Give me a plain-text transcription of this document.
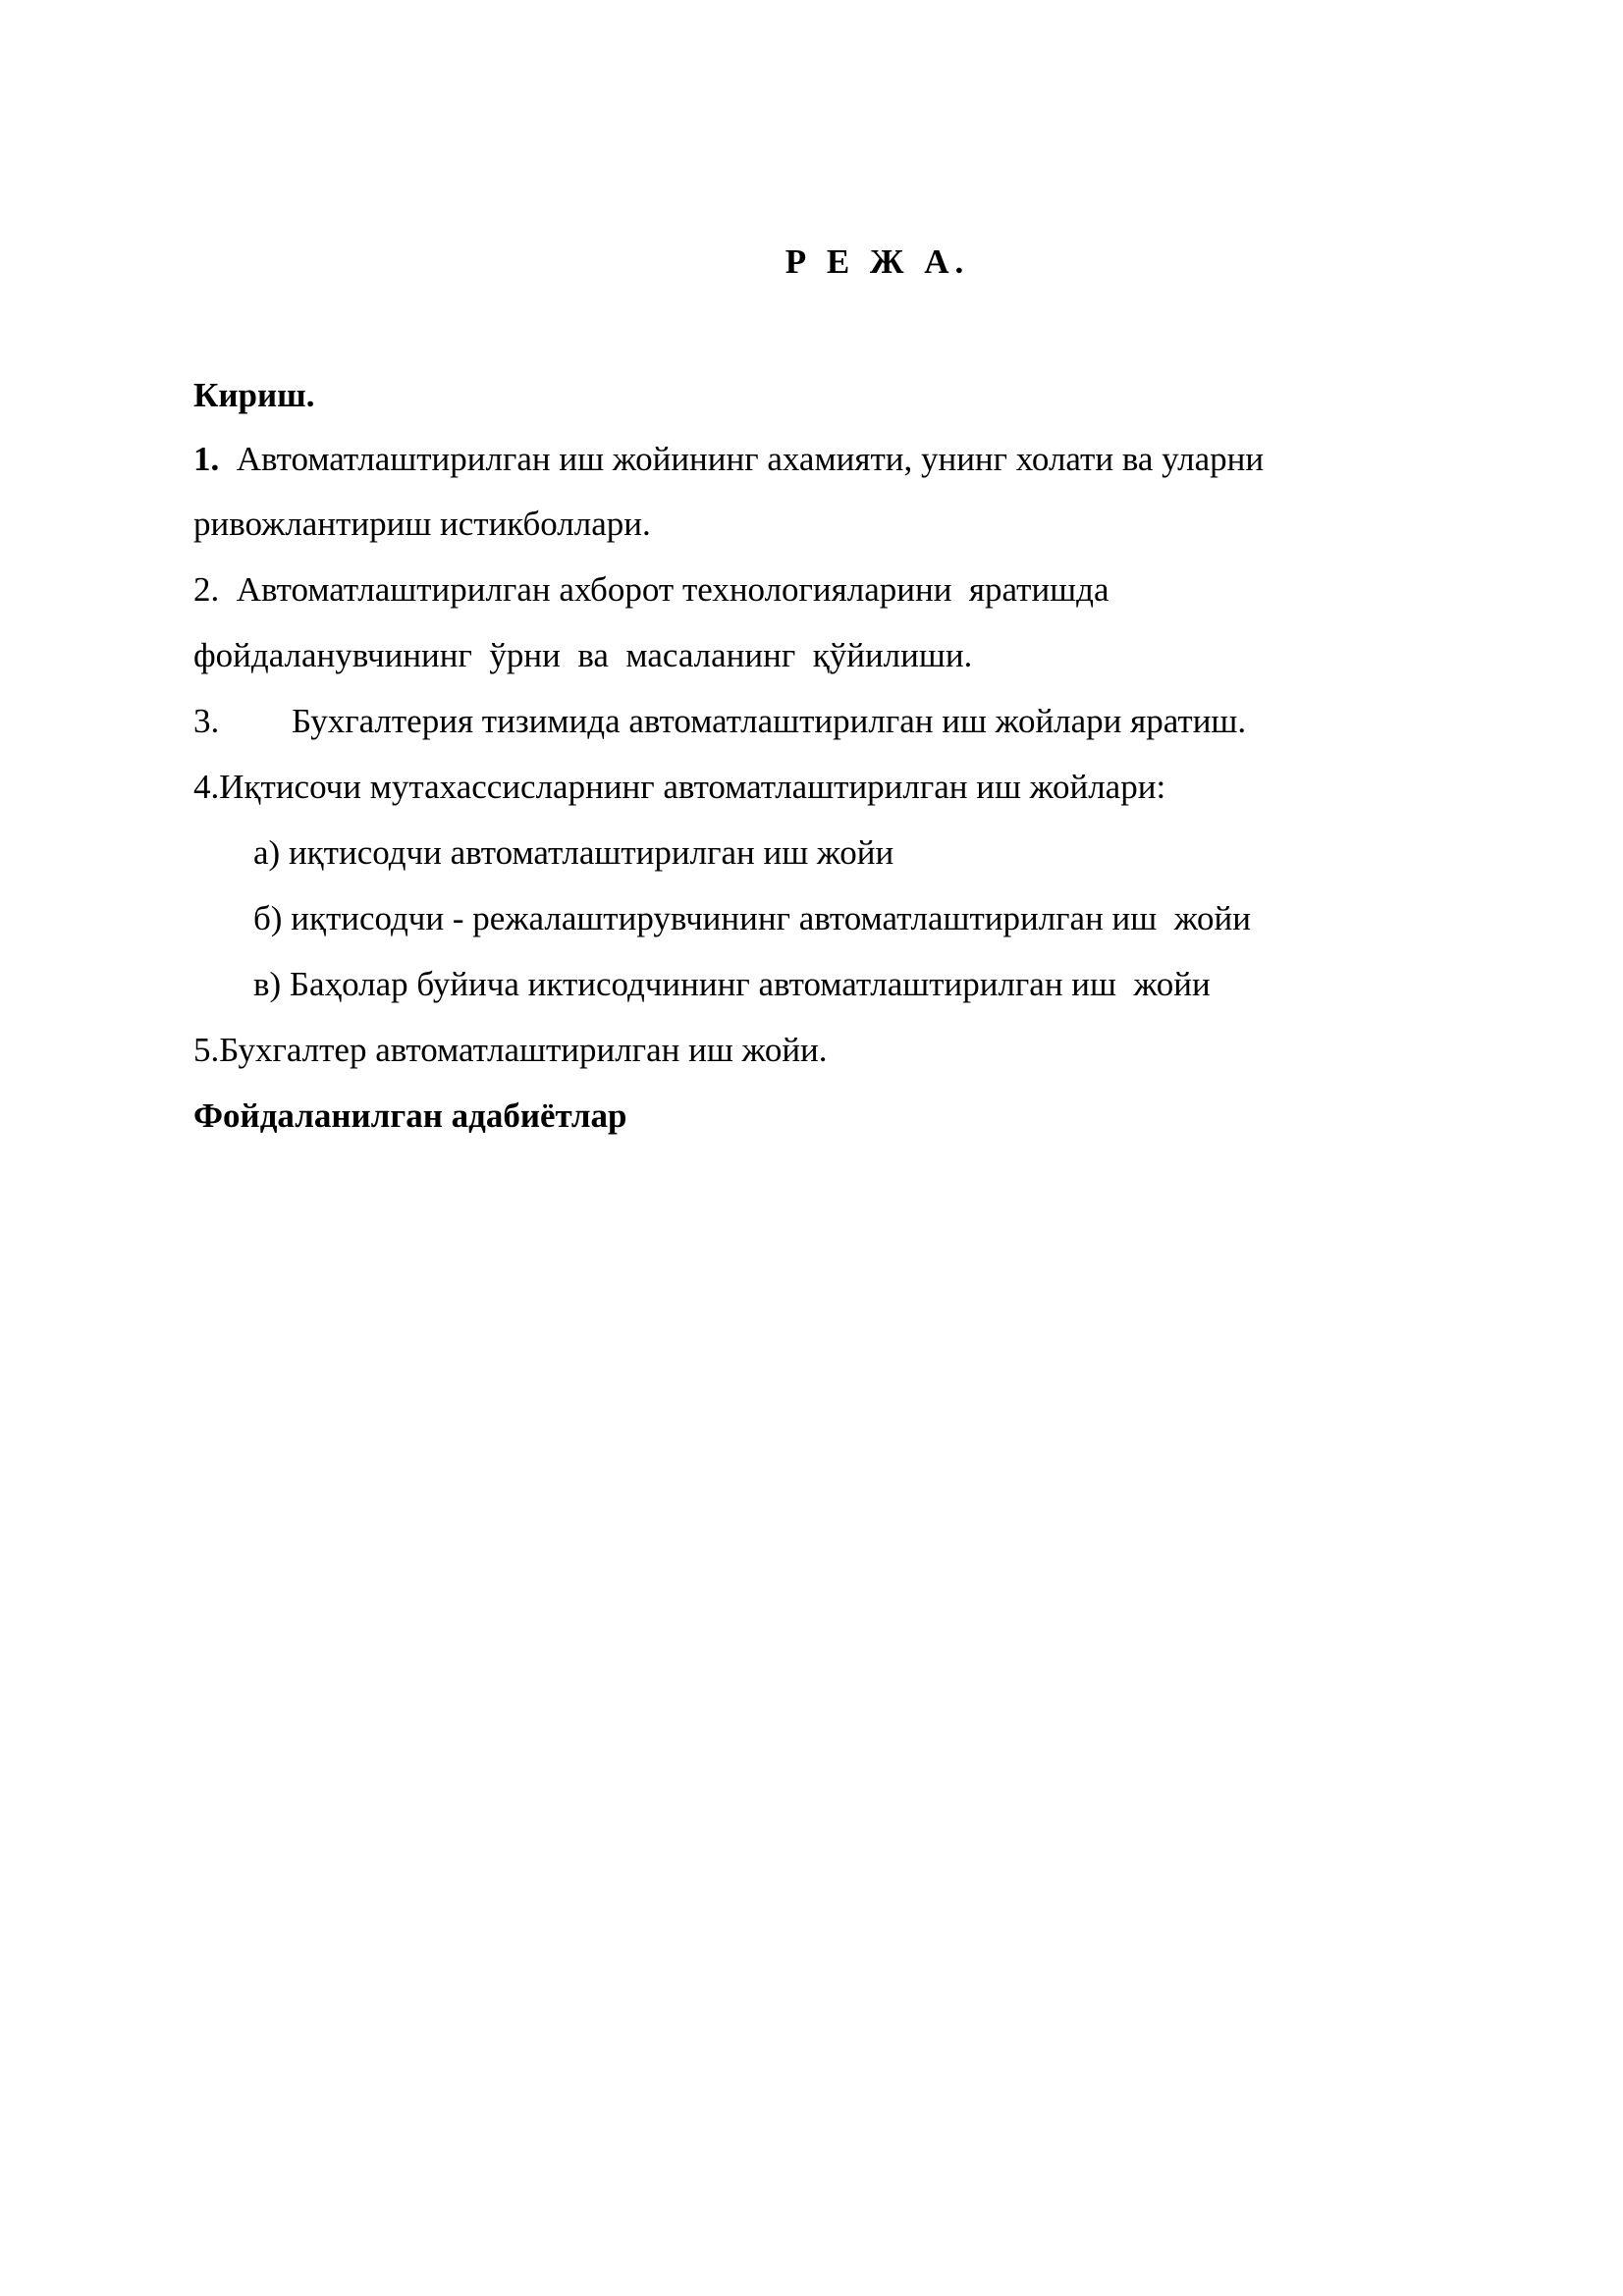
Р Е Ж А.
Кириш.
1. Автоматлаштирилган иш жойининг ахамияти, унинг холати ва уларни
ривожлантириш истикболлари.
2.  Автоматлаштирилган ахборот технологияларини  яратишда
фойдаланувчининг  ўрни  ва  масаланинг  қўйилиши.
3. Бухгалтерия тизимида автоматлаштирилган иш жойлари яратиш.
4.Иқтисочи мутахассисларнинг автоматлаштирилган иш жойлари:
а) иқтисодчи автоматлаштирилган иш жойи
б) иқтисодчи - режалаштирувчининг автоматлаштирилган иш  жойи
в) Баҳолар буйича иктисодчининг автоматлаштирилган иш  жойи
5.Бухгалтер автоматлаштирилган иш жойи.
Фойдаланилган адабиётлар
